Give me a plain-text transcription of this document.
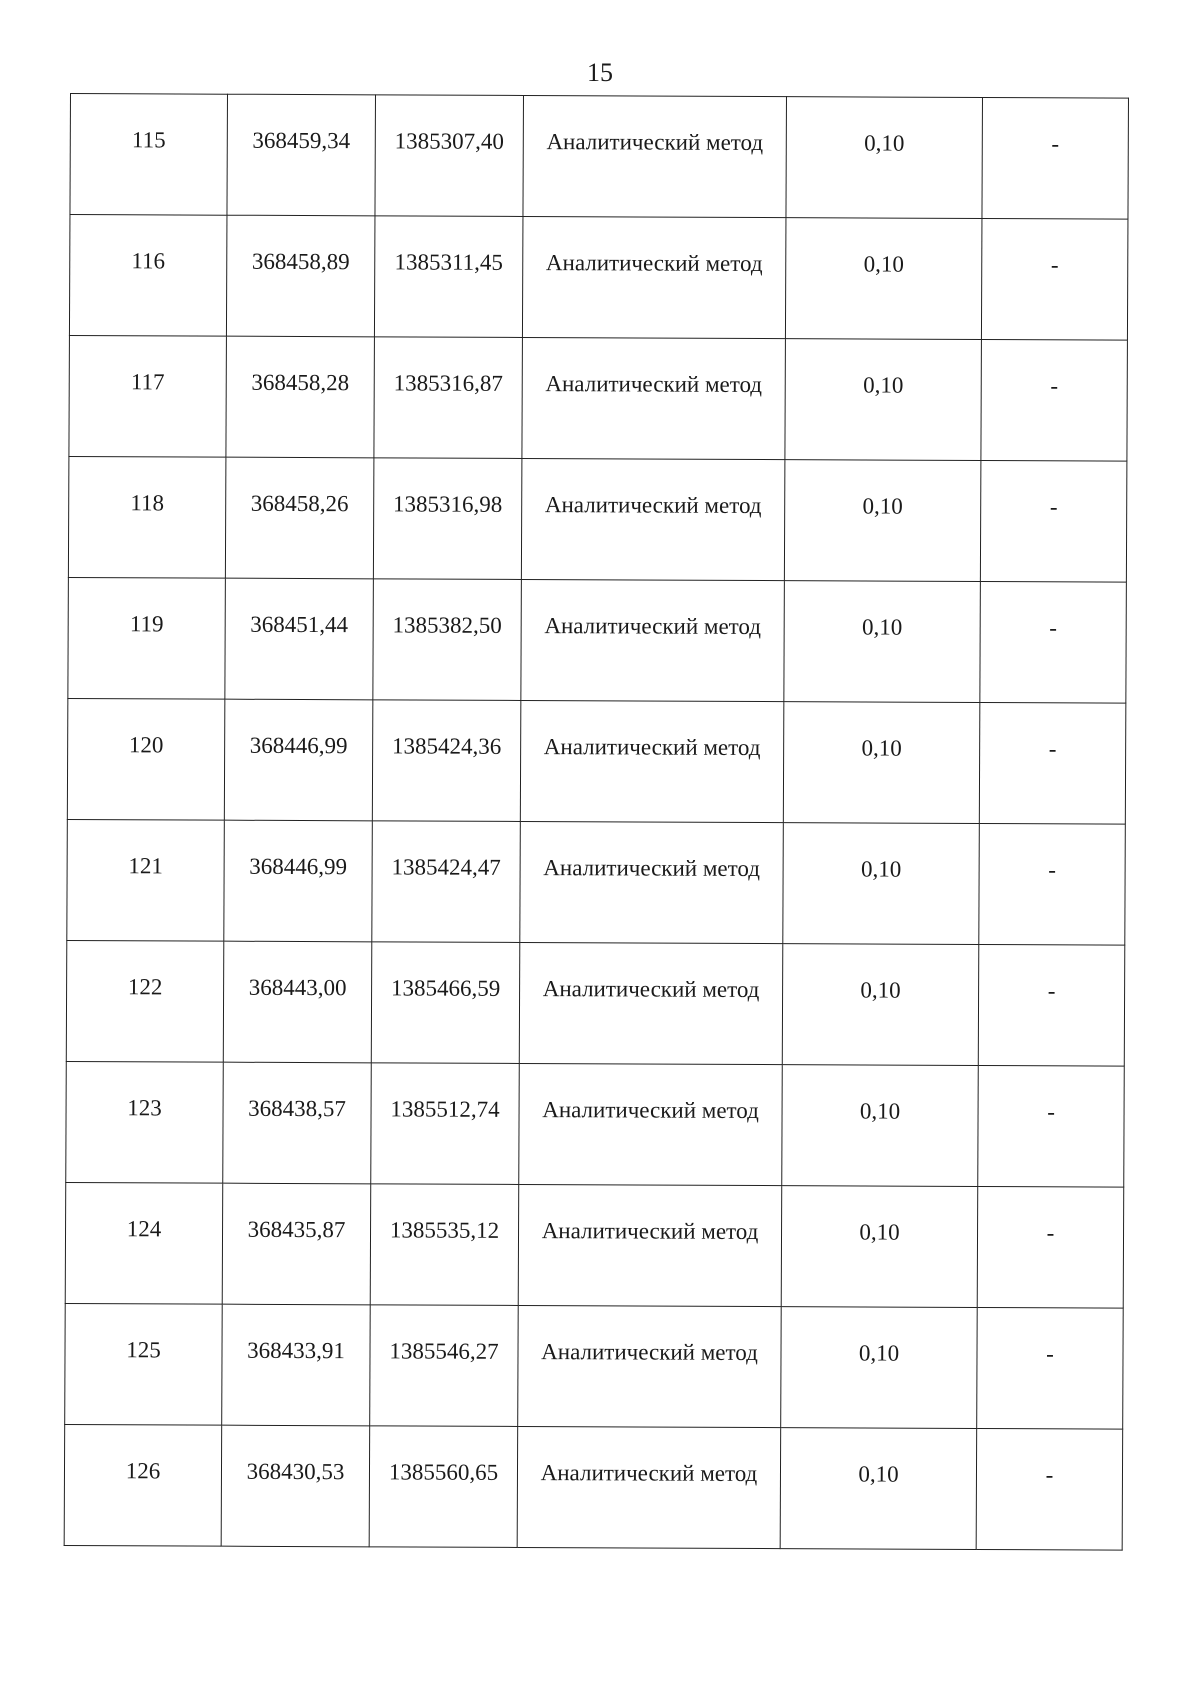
15
115	368459,34	1385307,40	Аналитический метод	0,10	-
116	368458,89	1385311,45	Аналитический метод	0,10	-
117	368458,28	1385316,87	Аналитический метод	0,10	-
118	368458,26	1385316,98	Аналитический метод	0,10	-
119	368451,44	1385382,50	Аналитический метод	0,10	-
120	368446,99	1385424,36	Аналитический метод	0,10	-
121	368446,99	1385424,47	Аналитический метод	0,10	-
122	368443,00	1385466,59	Аналитический метод	0,10	-
123	368438,57	1385512,74	Аналитический метод	0,10	-
124	368435,87	1385535,12	Аналитический метод	0,10	-
125	368433,91	1385546,27	Аналитический метод	0,10	-
126	368430,53	1385560,65	Аналитический метод	0,10	-
